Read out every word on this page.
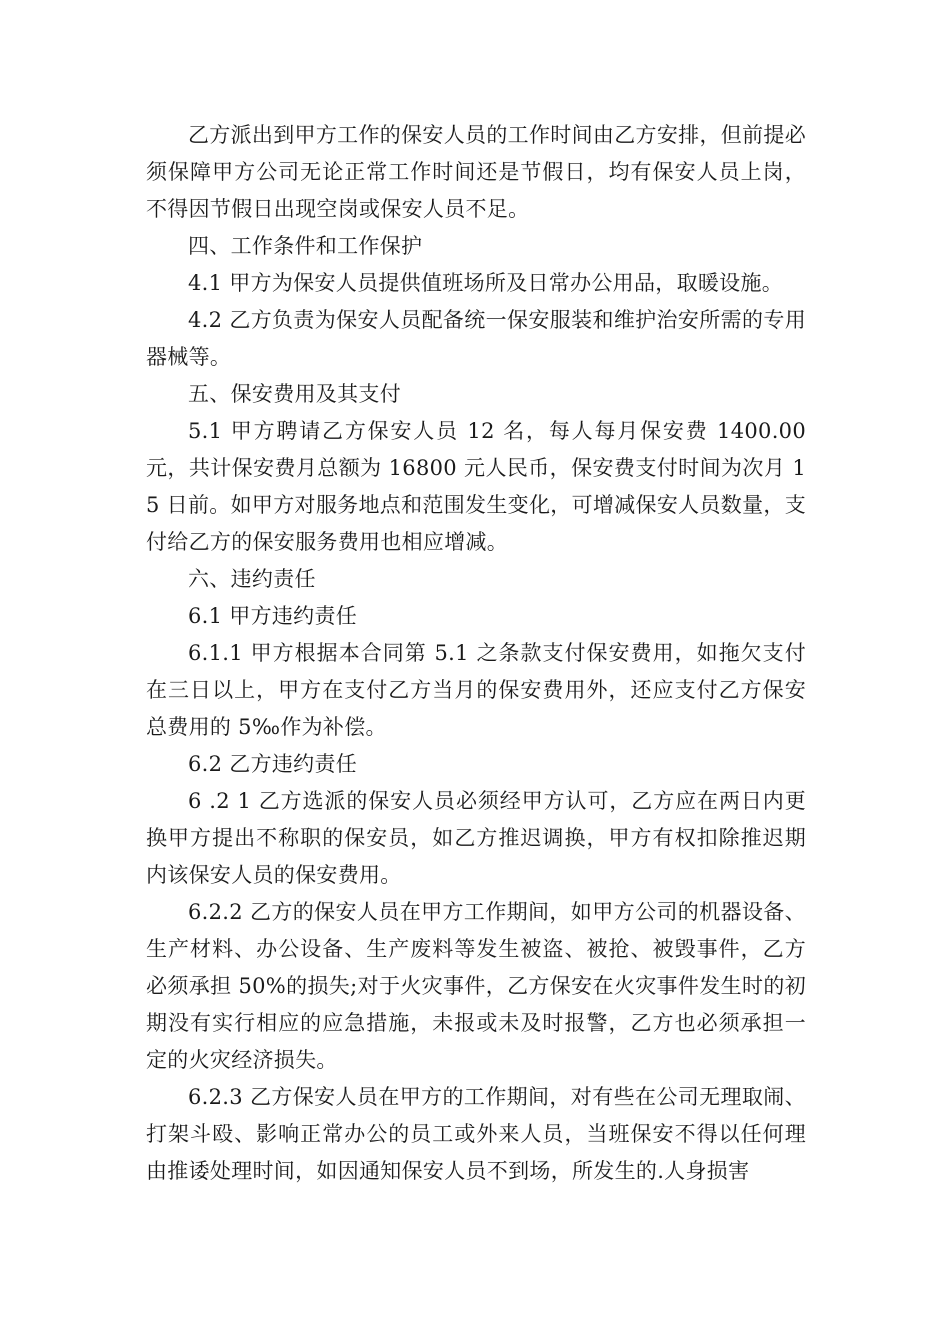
乙方派出到甲方工作的保安人员的工作时间由乙方安排，但前提必须保障甲方公司无论正常工作时间还是节假日，均有保安人员上岗，不得因节假日出现空岗或保安人员不足。

四、工作条件和工作保护

4.1 甲方为保安人员提供值班场所及日常办公用品，取暖设施。

4.2 乙方负责为保安人员配备统一保安服装和维护治安所需的专用器械等。

五、保安费用及其支付

5.1 甲方聘请乙方保安人员 12 名，每人每月保安费 1400.00 元，共计保安费月总额为 16800 元人民币，保安费支付时间为次月 15 日前。如甲方对服务地点和范围发生变化，可增减保安人员数量，支付给乙方的保安服务费用也相应增减。

六、违约责任

6.1 甲方违约责任

6.1.1 甲方根据本合同第 5.1 之条款支付保安费用，如拖欠支付在三日以上，甲方在支付乙方当月的保安费用外，还应支付乙方保安总费用的 5‰作为补偿。

6.2 乙方违约责任

6 .2 1 乙方选派的保安人员必须经甲方认可，乙方应在两日内更换甲方提出不称职的保安员，如乙方推迟调换，甲方有权扣除推迟期内该保安人员的保安费用。

6.2.2 乙方的保安人员在甲方工作期间，如甲方公司的机器设备、生产材料、办公设备、生产废料等发生被盗、被抢、被毁事件，乙方必须承担 50%的损失;对于火灾事件，乙方保安在火灾事件发生时的初期没有实行相应的应急措施，未报或未及时报警，乙方也必须承担一定的火灾经济损失。

6.2.3 乙方保安人员在甲方的工作期间，对有些在公司无理取闹、打架斗殴、影响正常办公的员工或外来人员，当班保安不得以任何理由推诿处理时间，如因通知保安人员不到场，所发生的.人身损害
